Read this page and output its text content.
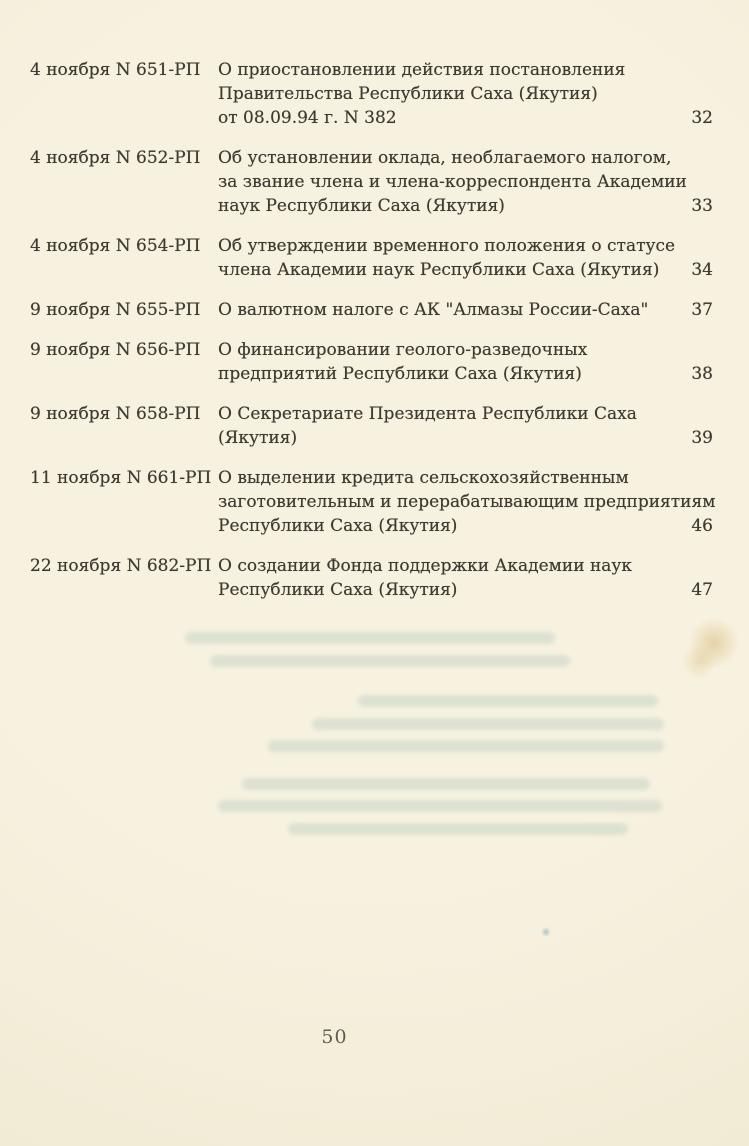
4 ноября N 651-РП О приостановлении действия постановления
Правительства Республики Саха (Якутия)
от 08.09.94 г. N 382	32
4 ноября N 652-РП Об установлении оклада, необлагаемого налогом,
за звание члена и члена-корреспондента Академии
наук Республики Саха (Якутия)	33
4 ноября N 654-РП Об утверждении временного положения о статусе
члена Академии наук Республики Саха (Якутия)	34
9 ноября N 655-РП О валютном налоге с АК "Алмазы России-Саха"	37
9 ноября N 656-РП О финансировании геолого-разведочных
предприятий Республики Саха (Якутия)	38
9 ноября N 658-РП О Секретариате Президента Республики Саха
(Якутия)	39
11 ноября N 661-РП О выделении кредита сельскохозяйственным
заготовительным и перерабатывающим предприятиям
Республики Саха (Якутия)	46
22 ноября N 682-РП О создании Фонда поддержки Академии наук
Республики Саха (Якутия)	47
50
